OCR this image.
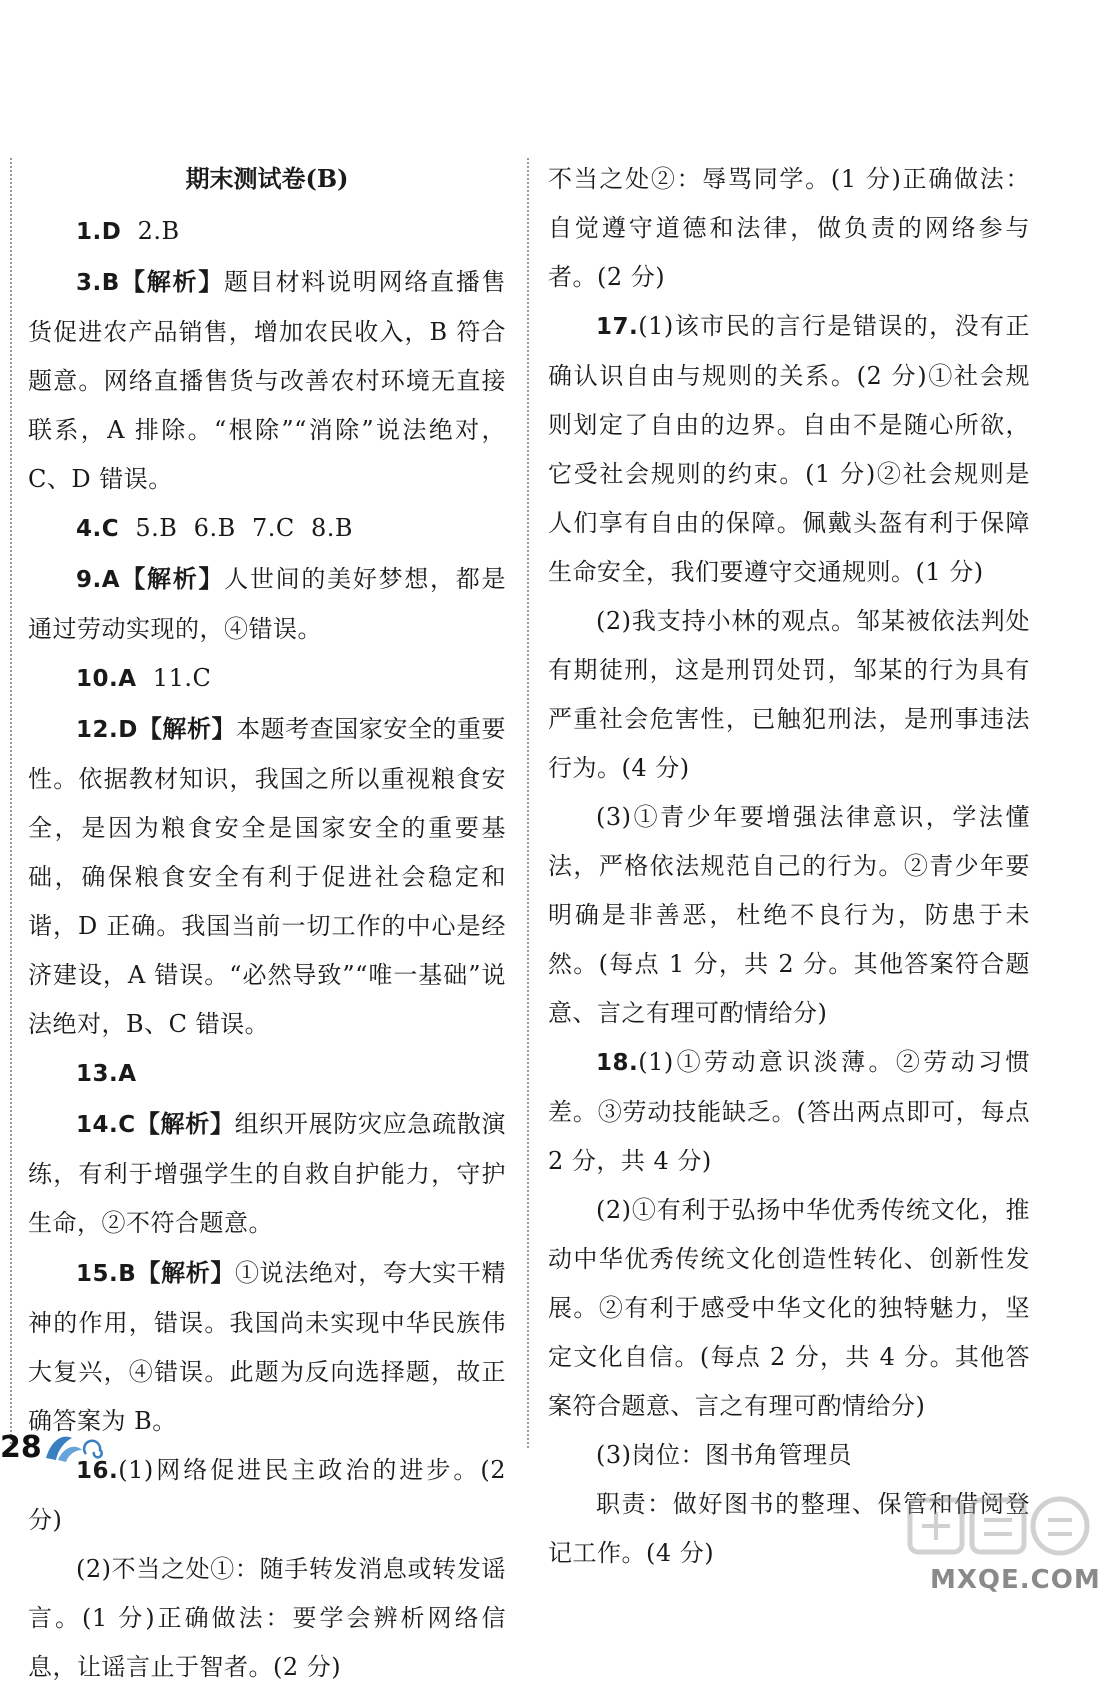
期末测试卷(B)

1.D  2.B

3.B【解析】题目材料说明网络直播售货促进农产品销售，增加农民收入，B 符合题意。网络直播售货与改善农村环境无直接联系，A 排除。“根除”“消除”说法绝对，C、D 错误。

4.C  5.B  6.B  7.C  8.B

9.A【解析】人世间的美好梦想，都是通过劳动实现的，④错误。

10.A  11.C

12.D【解析】本题考查国家安全的重要性。依据教材知识，我国之所以重视粮食安全，是因为粮食安全是国家安全的重要基础，确保粮食安全有利于促进社会稳定和谐，D 正确。我国当前一切工作的中心是经济建设，A 错误。“必然导致”“唯一基础”说法绝对，B、C 错误。

13.A

14.C【解析】组织开展防灾应急疏散演练，有利于增强学生的自救自护能力，守护生命，②不符合题意。

15.B【解析】①说法绝对，夸大实干精神的作用，错误。我国尚未实现中华民族伟大复兴，④错误。此题为反向选择题，故正确答案为 B。

16.(1)网络促进民主政治的进步。(2 分)

(2)不当之处①：随手转发消息或转发谣言。(1 分)正确做法：要学会辨析网络信息，让谣言止于智者。(2 分)

不当之处②：辱骂同学。(1 分)正确做法：自觉遵守道德和法律，做负责的网络参与者。(2 分)

17.(1)该市民的言行是错误的，没有正确认识自由与规则的关系。(2 分)①社会规则划定了自由的边界。自由不是随心所欲，它受社会规则的约束。(1 分)②社会规则是人们享有自由的保障。佩戴头盔有利于保障生命安全，我们要遵守交通规则。(1 分)

(2)我支持小林的观点。邹某被依法判处有期徒刑，这是刑罚处罚，邹某的行为具有严重社会危害性，已触犯刑法，是刑事违法行为。(4 分)

(3)①青少年要增强法律意识，学法懂法，严格依法规范自己的行为。②青少年要明确是非善恶，杜绝不良行为，防患于未然。(每点 1 分，共 2 分。其他答案符合题意、言之有理可酌情给分)

18.(1)①劳动意识淡薄。②劳动习惯差。③劳动技能缺乏。(答出两点即可，每点 2 分，共 4 分)

(2)①有利于弘扬中华优秀传统文化，推动中华优秀传统文化创造性转化、创新性发展。②有利于感受中华文化的独特魅力，坚定文化自信。(每点 2 分，共 4 分。其他答案符合题意、言之有理可酌情给分)

(3)岗位：图书角管理员

职责：做好图书的整理、保管和借阅登记工作。(4 分)

28
MXQE.COM
